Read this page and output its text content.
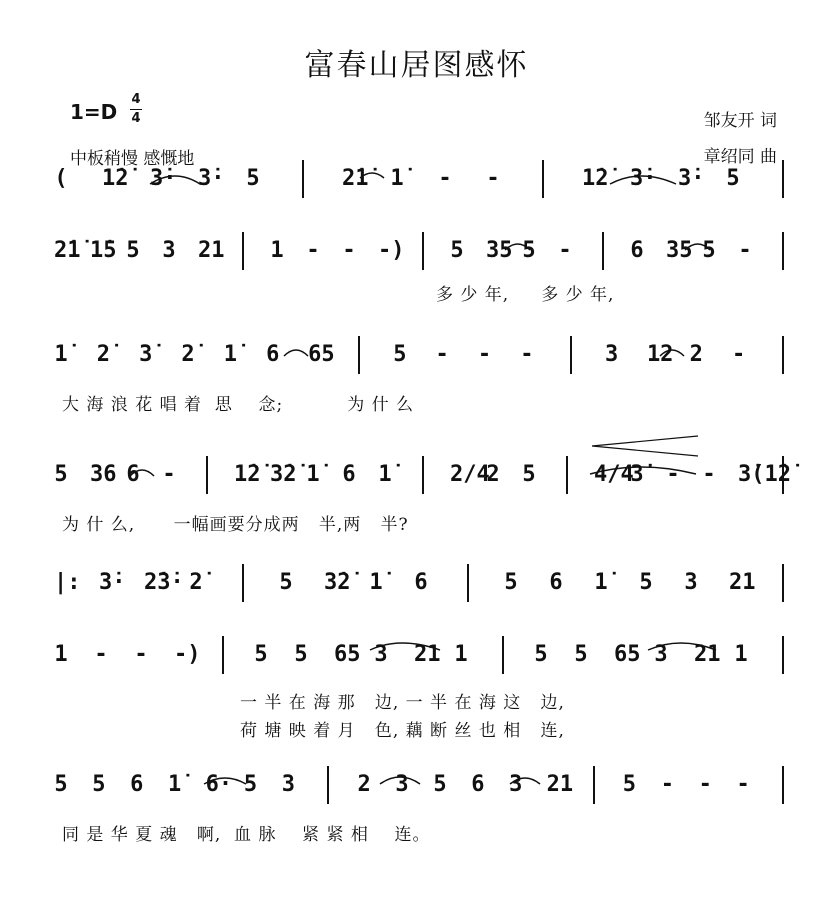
富春山居图感怀
1=D
4
4
中板稍慢 感慨地
邹友开 词
章绍同 曲
( 1̇2̇ 3̇· 3̇· 5	2̇1̇ 1̇ - -	1̇2̇ 3̇· 3̇· 5
2̇1̇ 1̇5 5 3 21 1 - - -) 5 35 5 -	6 35 5 -
1̇ 2̇ 3̇ 2̇ 1̇ 6 65	5 - - -	3 12 2 -
5 36 6 -	1̇2̇ 3̇2̇ 1̇ 6 1̇	2/4
2 5	4/4
3̇ - - 3̇(1̇2̇
|: 3̇· 2̇3̇· 2̇	5 3̇2̇ 1̇ 6	5 6 1̇ 5 3 21
1 - - -) 5 5 65 3 21 1	5 5 65 3 21 1
5 5 6 1̇ 6· 5 3	2 3 5 6 3 21 5 - - -
多 少 年,     多 少 年,
大 海 浪 花 唱 着  思    念;          为 什 么
为 什 么,      一幅画要分成两   半,两   半?
一 半 在 海 那   边, 一 半 在 海 这   边,
荷 塘 映 着 月   色, 藕 断 丝 也 相   连,
同 是 华 夏 魂   啊,  血 脉    紧 紧 相    连。
